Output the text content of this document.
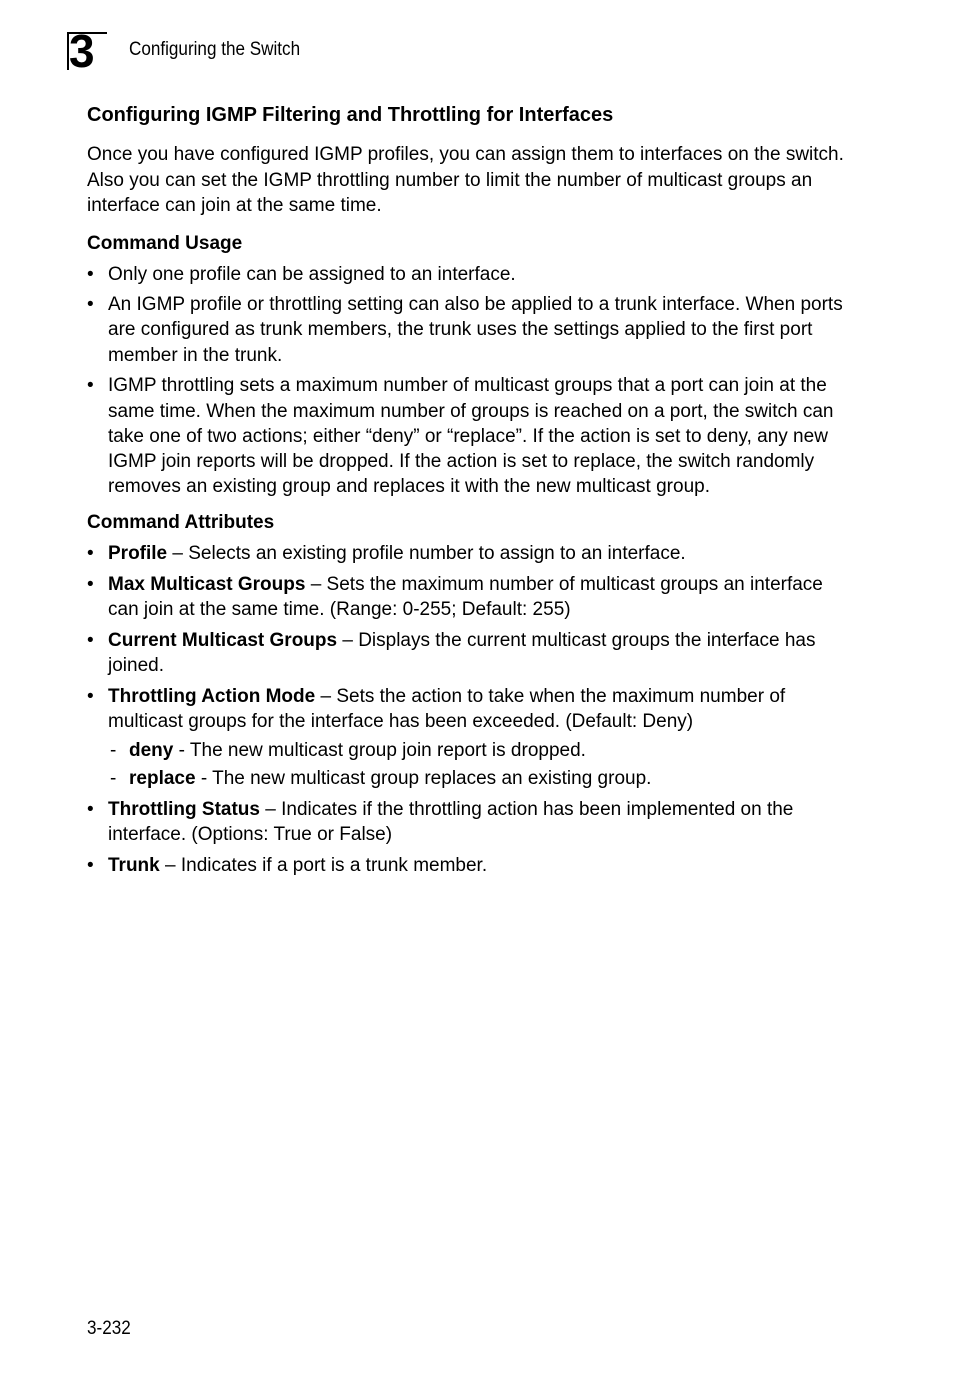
3 Configuring the Switch
Configuring IGMP Filtering and Throttling for Interfaces

Once you have configured IGMP profiles, you can assign them to interfaces on the switch. Also you can set the IGMP throttling number to limit the number of multicast groups an interface can join at the same time.

Command Usage
• Only one profile can be assigned to an interface.
• An IGMP profile or throttling setting can also be applied to a trunk interface. When ports are configured as trunk members, the trunk uses the settings applied to the first port member in the trunk.
• IGMP throttling sets a maximum number of multicast groups that a port can join at the same time. When the maximum number of groups is reached on a port, the switch can take one of two actions; either “deny” or “replace”. If the action is set to deny, any new IGMP join reports will be dropped. If the action is set to replace, the switch randomly removes an existing group and replaces it with the new multicast group.
Command Attributes
• Profile – Selects an existing profile number to assign to an interface.
• Max Multicast Groups – Sets the maximum number of multicast groups an interface can join at the same time. (Range: 0-255; Default: 255)
• Current Multicast Groups – Displays the current multicast groups the interface has joined.
• Throttling Action Mode – Sets the action to take when the maximum number of multicast groups for the interface has been exceeded. (Default: Deny)
- deny - The new multicast group join report is dropped.
- replace - The new multicast group replaces an existing group.
• Throttling Status – Indicates if the throttling action has been implemented on the interface. (Options: True or False)
• Trunk – Indicates if a port is a trunk member.
3-232
